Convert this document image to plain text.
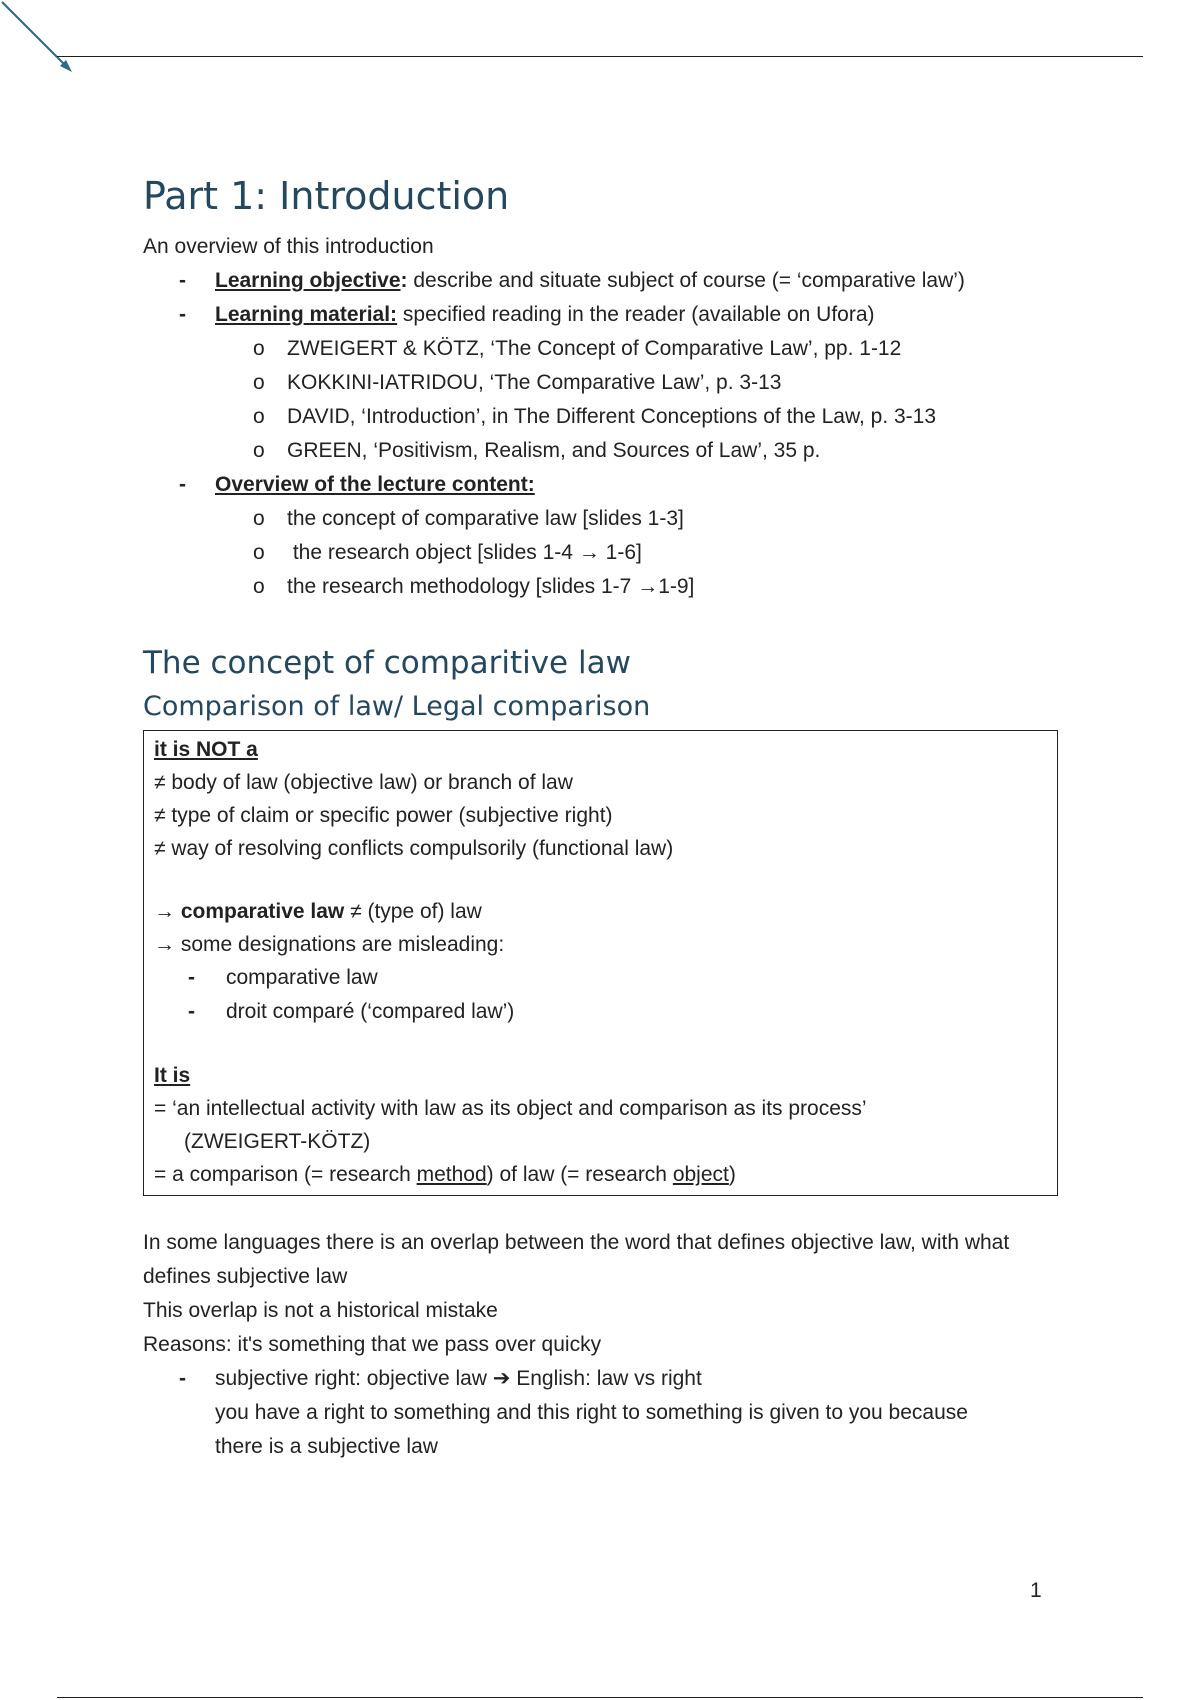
Part 1: Introduction

An overview of this introduction

- Learning objective: describe and situate subject of course (= ‘comparative law’)
- Learning material: specified reading in the reader (available on Ufora)
o ZWEIGERT & KÖTZ, ‘The Concept of Comparative Law’, pp. 1-12
o KOKKINI-IATRIDOU, ‘The Comparative Law’, p. 3-13
o DAVID, ‘Introduction’, in The Different Conceptions of the Law, p. 3-13
o GREEN, ‘Positivism, Realism, and Sources of Law’, 35 p.
- Overview of the lecture content:
o the concept of comparative law [slides 1-3]
o the research object [slides 1-4 → 1-6]
o the research methodology [slides 1-7 →1-9]
The concept of comparitive law
Comparison of law/ Legal comparison

it is NOT a

≠ body of law (objective law) or branch of law

≠ type of claim or specific power (subjective right)

≠ way of resolving conflicts compulsorily (functional law)

→ comparative law ≠ (type of) law

→ some designations are misleading:

- comparative law
- droit comparé (‘compared law’)

It is

= ‘an intellectual activity with law as its object and comparison as its process’

(ZWEIGERT-KÖTZ)

= a comparison (= research method) of law (= research object)

In some languages there is an overlap between the word that defines objective law, with what

defines subjective law

This overlap is not a historical mistake

Reasons: it's something that we pass over quicky

- subjective right: objective law ➔ English: law vs right
you have a right to something and this right to something is given to you because
there is a subjective law
1
